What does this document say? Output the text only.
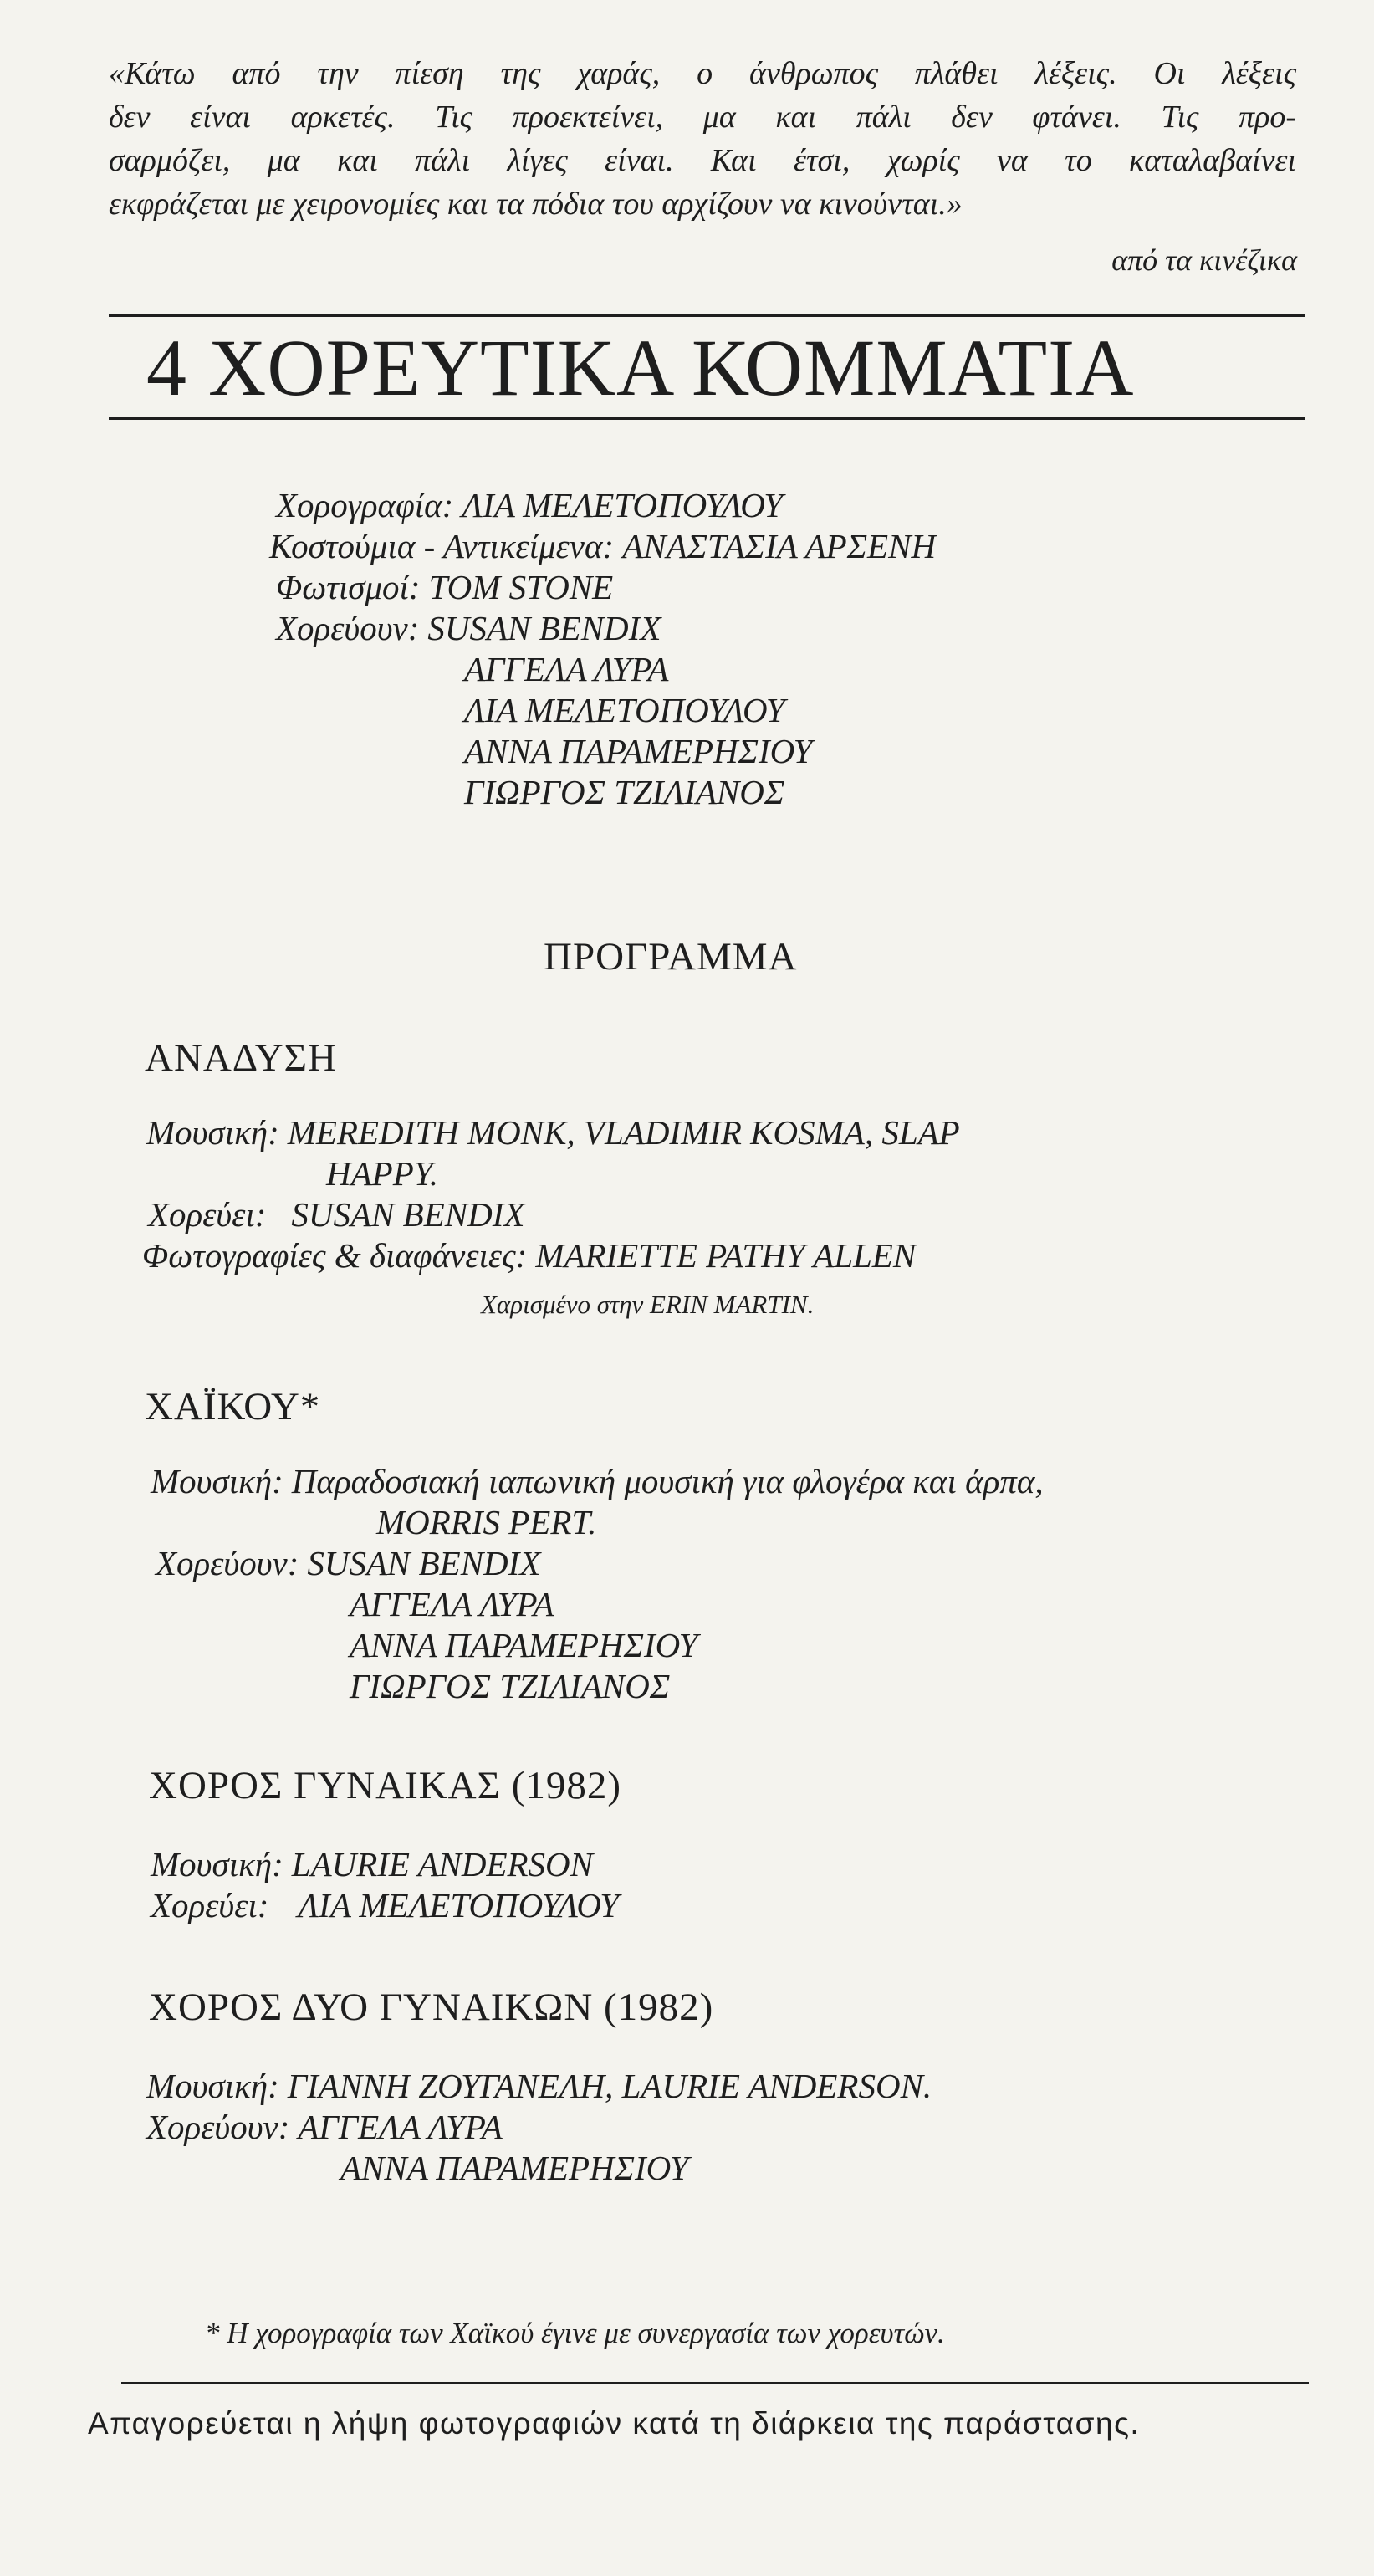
«Κάτω από την πίεση της χαράς, ο άνθρωπος πλάθει λέξεις. Οι λέξεις
δεν είναι αρκετές. Τις προεκτείνει, μα και πάλι δεν φτάνει. Τις προ-
σαρμόζει, μα και πάλι λίγες είναι. Και έτσι, χωρίς να το καταλαβαίνει
εκφράζεται με χειρονομίες και τα πόδια του αρχίζουν να κινούνται.»
από τα κινέζικα
4 ΧΟΡΕΥΤΙΚΑ ΚΟΜΜΑΤΙΑ
Χορογραφία: ΛΙΑ ΜΕΛΕΤΟΠΟΥΛΟΥ
Κοστούμια - Αντικείμενα: ΑΝΑΣΤΑΣΙΑ ΑΡΣΕΝΗ
Φωτισμοί: TOM STONE
Χορεύουν: SUSAN BENDIX
ΑΓΓΕΛΑ ΛΥΡΑ
ΛΙΑ ΜΕΛΕΤΟΠΟΥΛΟΥ
ΑΝΝΑ ΠΑΡΑΜΕΡΗΣΙΟΥ
ΓΙΩΡΓΟΣ ΤΖΙΛΙΑΝΟΣ
ΠΡΟΓΡΑΜΜΑ
ΑΝΑΔΥΣΗ
Μουσική: MEREDITH MONK, VLADIMIR KOSMA, SLAP
HAPPY.
Χορεύει: SUSAN BENDIX
Φωτογραφίες & διαφάνειες: MARIETTE PATHY ALLEN
Χαρισμένο στην ERIN MARTIN.
ΧΑΪΚΟΥ*
Μουσική: Παραδοσιακή ιαπωνική μουσική για φλογέρα και άρπα,
MORRIS PERT.
Χορεύουν: SUSAN BENDIX
ΑΓΓΕΛΑ ΛΥΡΑ
ΑΝΝΑ ΠΑΡΑΜΕΡΗΣΙΟΥ
ΓΙΩΡΓΟΣ ΤΖΙΛΙΑΝΟΣ
ΧΟΡΟΣ ΓΥΝΑΙΚΑΣ (1982)
Μουσική: LAURIE ANDERSON
Χορεύει: ΛΙΑ ΜΕΛΕΤΟΠΟΥΛΟΥ
ΧΟΡΟΣ ΔΥΟ ΓΥΝΑΙΚΩΝ (1982)
Μουσική: ΓΙΑΝΝΗ ΖΟΥΓΑΝΕΛΗ, LAURIE ANDERSON.
Χορεύουν: ΑΓΓΕΛΑ ΛΥΡΑ
ΑΝΝΑ ΠΑΡΑΜΕΡΗΣΙΟΥ
* Η χορογραφία των Χαϊκού έγινε με συνεργασία των χορευτών.
Απαγορεύεται η λήψη φωτογραφιών κατά τη διάρκεια της παράστασης.
